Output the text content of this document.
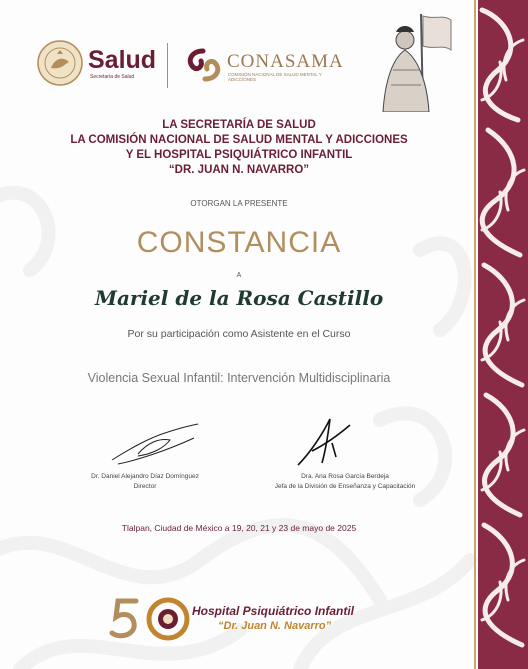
Salud
Secretaría de Salud
CONASAMA
COMISIÓN NACIONAL DE SALUD MENTAL Y ADICCIONES
LA SECRETARÍA DE SALUD
LA COMISIÓN NACIONAL DE SALUD MENTAL Y ADICCIONES
Y EL HOSPITAL PSIQUIÁTRICO INFANTIL
“DR. JUAN N. NAVARRO”
OTORGAN LA PRESENTE
CONSTANCIA
A
Mariel de la Rosa Castillo
Por su participación como Asistente en el Curso
Violencia Sexual Infantil: Intervención Multidisciplinaria
Dr. Daniel Alejandro Díaz Domínguez
Director
Dra. Ana Rosa García Berdeja
Jefa de la División de Enseñanza y Capacitación
Tlalpan, Ciudad de México a 19, 20, 21 y 23 de mayo de 2025
Hospital Psiquiátrico Infantil
“Dr. Juan N. Navarro”
